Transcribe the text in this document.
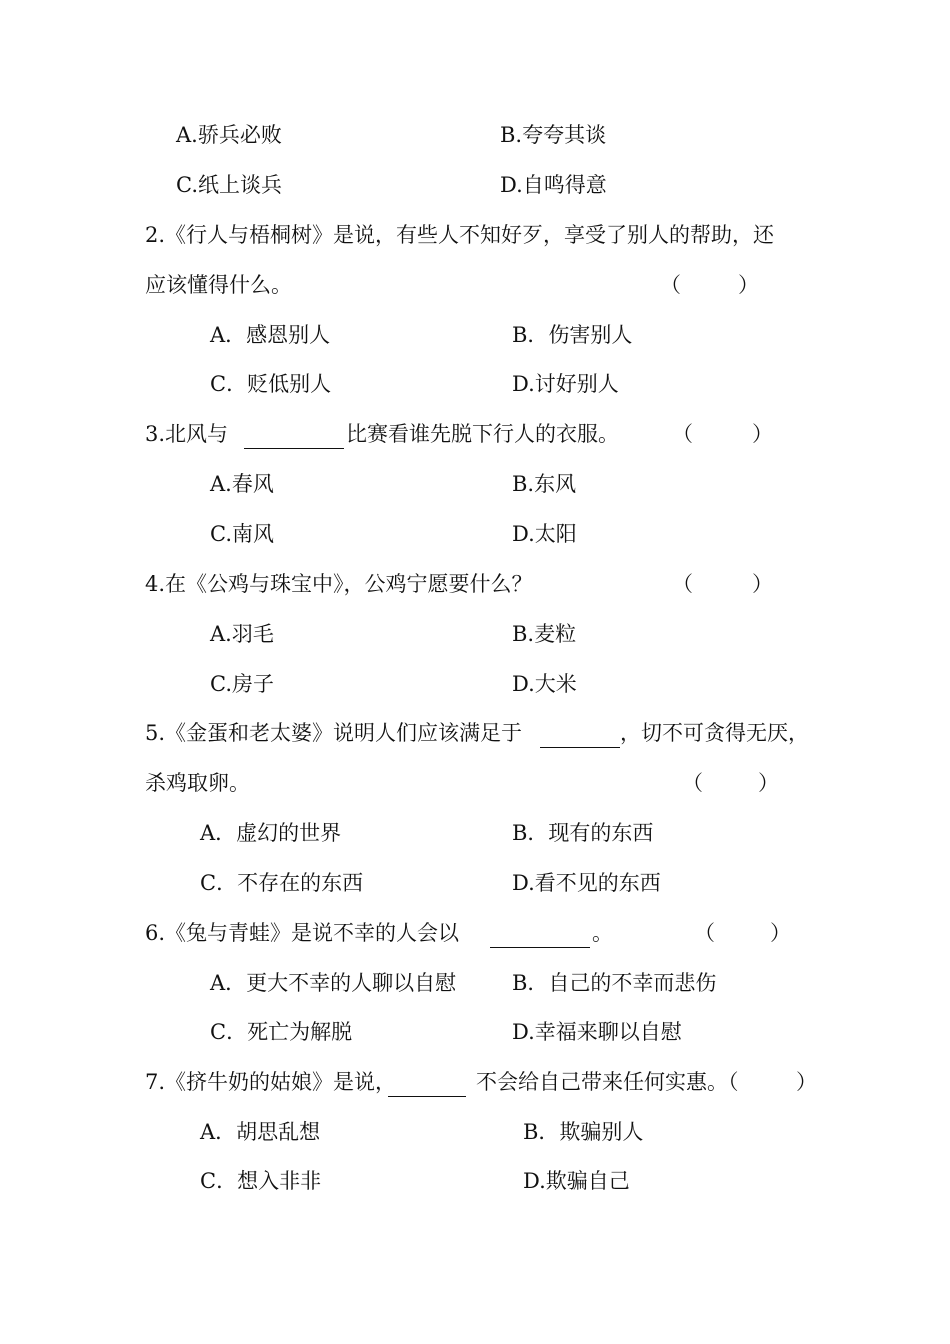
A.骄兵必败	B.夸夸其谈
C.纸上谈兵	D.自鸣得意
2.《行人与梧桐树》是说，有些人不知好歹，享受了别人的帮助，还
应该懂得什么。	（	）
A．感恩别人	B．伤害别人
C．贬低别人	D.讨好别人
3.北风与	比赛看谁先脱下行人的衣服。	（	）
A.春风	B.东风
C.南风	D.太阳
4.在《公鸡与珠宝中》，公鸡宁愿要什么？	（	）
A.羽毛	B.麦粒
C.房子	D.大米
5.《金蛋和老太婆》说明人们应该满足于	，切不可贪得无厌，
杀鸡取卵。	（	）
A．虚幻的世界	B．现有的东西
C．不存在的东西	D.看不见的东西
6.《兔与青蛙》是说不幸的人会以	。	（	）
A．更大不幸的人聊以自慰	B．自己的不幸而悲伤
C．死亡为解脱	D.幸福来聊以自慰
7.《挤牛奶的姑娘》是说，	不会给自己带来任何实惠。（	）
A．胡思乱想	B．欺骗别人
C．想入非非	D.欺骗自己
